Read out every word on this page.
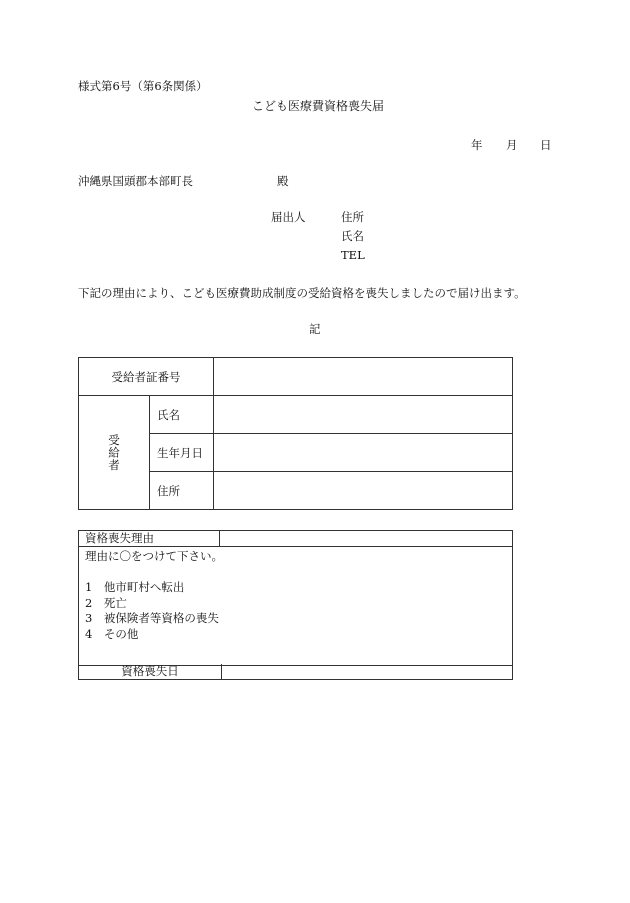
様式第6号（第6条関係）
こども医療費資格喪失届
年 月 日
沖縄県国頭郡本部町長	殿
届出人	住所
氏名
TEL
下記の理由により、こども医療費助成制度の受給資格を喪失しましたので届け出ます。
記
受給者証番号		

受給者	氏名	
	生年月日	
	住所	
資格喪失理由
理由に〇をつけて下さい。
1　他市町村へ転出
2　死亡
3　被保険者等資格の喪失
4　その他
資格喪失日
